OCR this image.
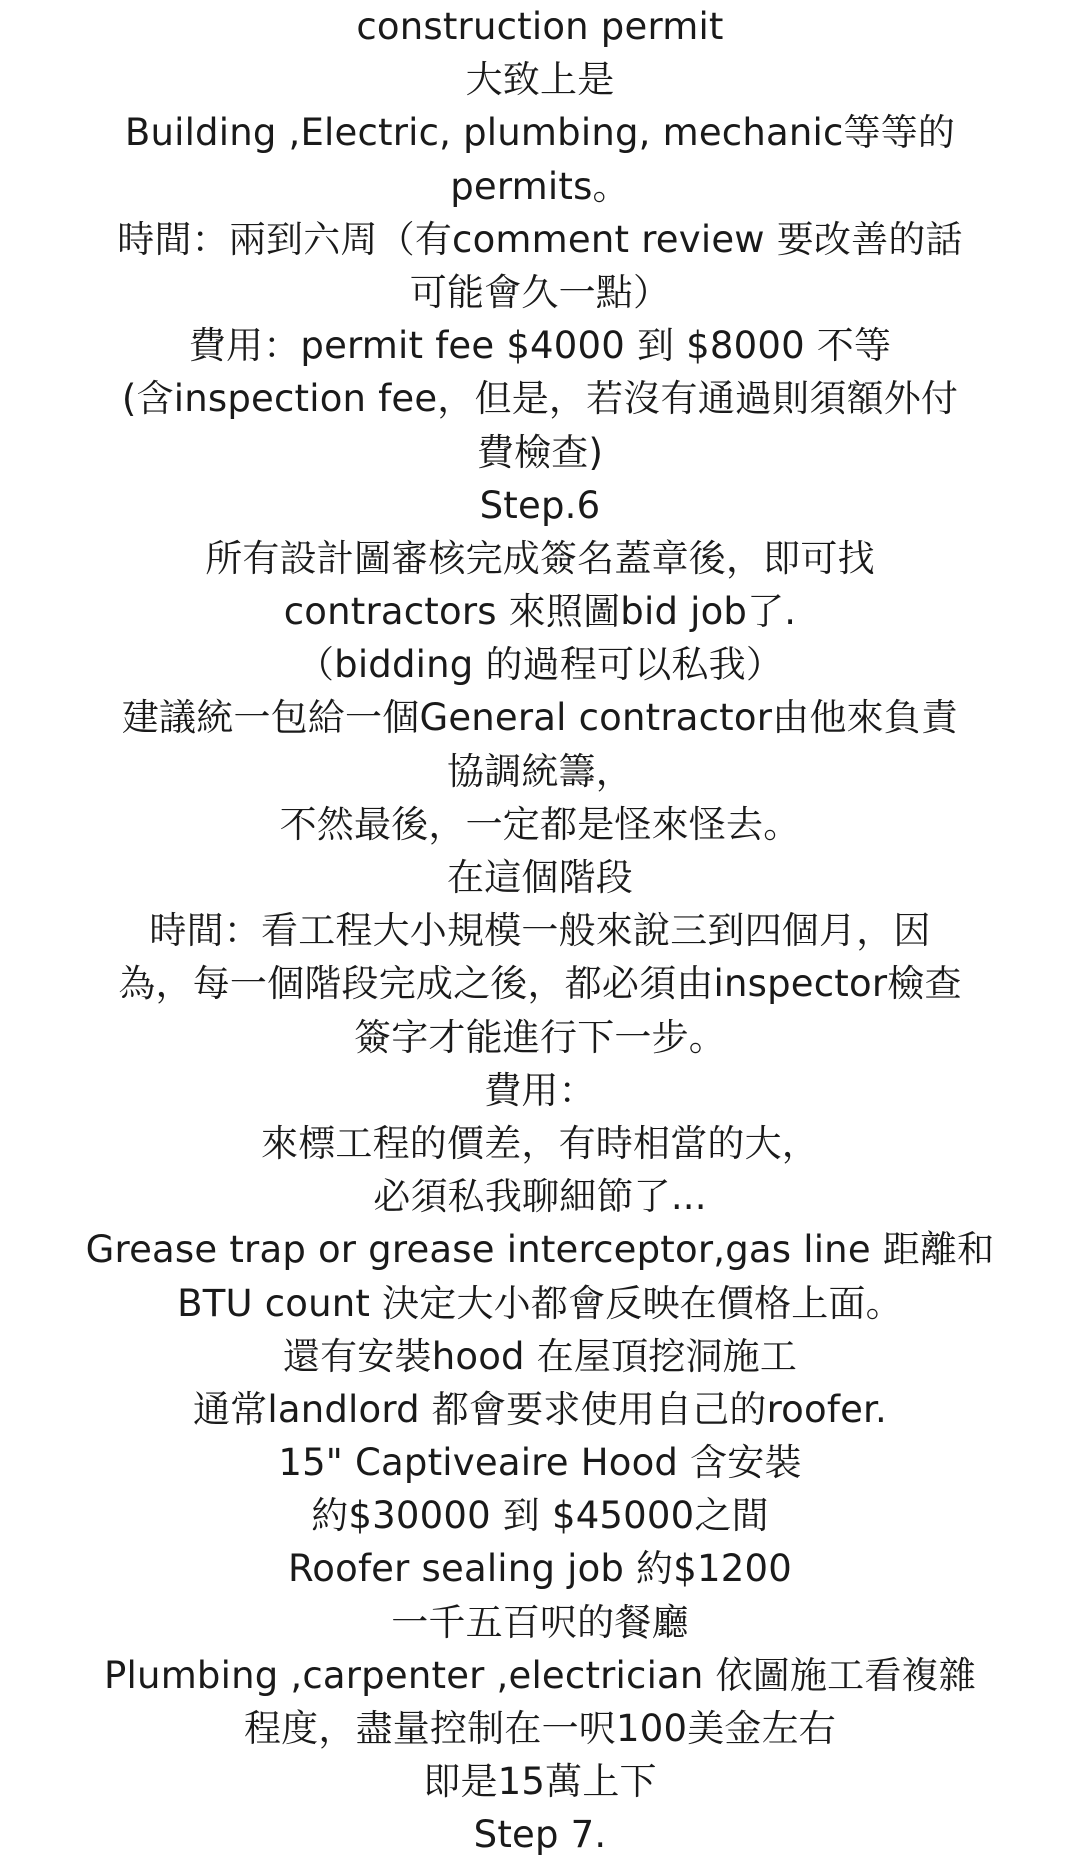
construction permit
大致上是
Building ,Electric, plumbing, mechanic等等的
permits。
時間：兩到六周（有comment review 要改善的話
可能會久一點）
費用：permit fee $4000 到 $8000 不等
(含inspection fee，但是，若沒有通過則須額外付
費檢查)
Step.6
所有設計圖審核完成簽名蓋章後，即可找
contractors 來照圖bid job了.
（bidding 的過程可以私我）
建議統一包給一個General contractor由他來負責
協調統籌，
不然最後，一定都是怪來怪去。
在這個階段
時間：看工程大小規模一般來說三到四個月，因
為，每一個階段完成之後，都必須由inspector檢查
簽字才能進行下一步。
費用：
來標工程的價差，有時相當的大，
必須私我聊細節了...
Grease trap or grease interceptor,gas line 距離和
BTU count 決定大小都會反映在價格上面。
還有安裝hood 在屋頂挖洞施工
通常landlord 都會要求使用自己的roofer.
15" Captiveaire Hood 含安裝
約$30000 到 $45000之間
Roofer sealing job 約$1200
一千五百呎的餐廳
Plumbing ,carpenter ,electrician 依圖施工看複雜
程度，盡量控制在一呎100美金左右
即是15萬上下
Step 7.
